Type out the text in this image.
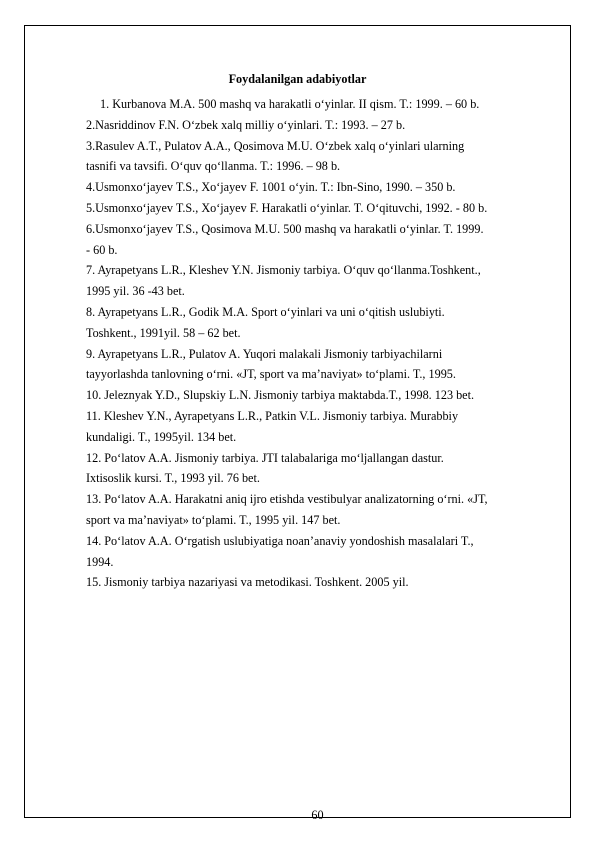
Foydalanilgan adabiyotlar
1. Kurbanova M.A. 500 mashq va harakatli o‘yinlar. II qism. T.: 1999. – 60 b.
2.Nasriddinov F.N. O‘zbek xalq milliy o‘yinlari. T.: 1993. – 27 b.
3.Rasulev A.T., Pulatov A.A., Qosimova M.U. O‘zbek xalq o‘yinlari ularning
tasnifi va tavsifi. O‘quv qo‘llanma. T.: 1996. – 98 b.
4.Usmonxo‘jayev T.S., Xo‘jayev F. 1001 o‘yin. T.: Ibn-Sino, 1990. – 350 b.
5.Usmonxo‘jayev T.S., Xo‘jayev F. Harakatli o‘yinlar. T. O‘qituvchi, 1992. - 80 b.
6.Usmonxo‘jayev T.S., Qosimova M.U. 500 mashq va harakatli o‘yinlar. T. 1999.
- 60 b.
7. Ayrapetyans L.R., Kleshev Y.N. Jismoniy tarbiya. O‘quv qo‘llanma.Toshkent.,
1995 yil. 36 -43 bet.
8. Ayrapetyans L.R., Godik M.A. Sport o‘yinlari va uni o‘qitish uslubiyti.
Toshkent., 1991yil. 58 – 62 bet.
9. Ayrapetyans L.R., Pulatov A. Yuqori malakali Jismoniy tarbiyachilarni
tayyorlashda tanlovning o‘rni. «JT, sport va ma’naviyat» to‘plami. T., 1995.
10. Jeleznyak Y.D., Slupskiy L.N. Jismoniy tarbiya maktabda.T., 1998. 123 bet.
11. Kleshev Y.N., Ayrapetyans L.R., Patkin V.L. Jismoniy tarbiya. Murabbiy
kundaligi. T., 1995yil. 134 bet.
12. Po‘latov A.A. Jismoniy tarbiya. JTI talabalariga mo‘ljallangan dastur.
Ixtisoslik kursi. T., 1993 yil. 76 bet.
13. Po‘latov A.A. Harakatni aniq ijro etishda vestibulyar analizatorning o‘rni. «JT,
sport va ma’naviyat» to‘plami. T., 1995 yil. 147 bet.
14. Po‘latov A.A. O‘rgatish uslubiyatiga noan’anaviy yondoshish masalalari T.,
1994.
15. Jismoniy tarbiya nazariyasi va metodikasi. Toshkent. 2005 yil.
60
